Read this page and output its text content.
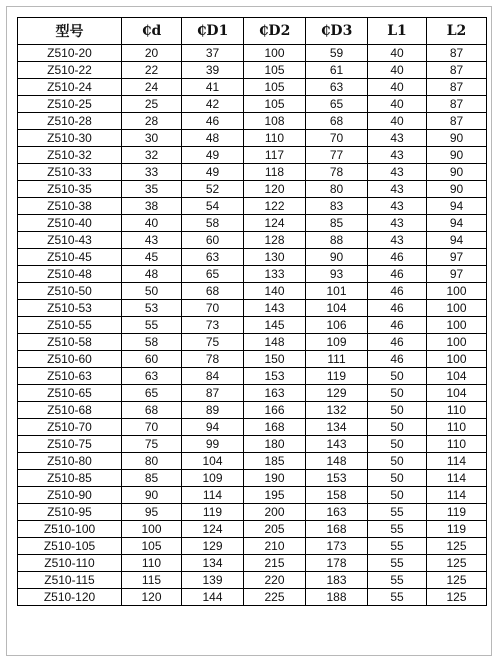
型号	₵d	₵D1	₵D2	₵D3	L1	L2
Z510-20	20	37	100	59	40	87
Z510-22	22	39	105	61	40	87
Z510-24	24	41	105	63	40	87
Z510-25	25	42	105	65	40	87
Z510-28	28	46	108	68	40	87
Z510-30	30	48	110	70	43	90
Z510-32	32	49	117	77	43	90
Z510-33	33	49	118	78	43	90
Z510-35	35	52	120	80	43	90
Z510-38	38	54	122	83	43	94
Z510-40	40	58	124	85	43	94
Z510-43	43	60	128	88	43	94
Z510-45	45	63	130	90	46	97
Z510-48	48	65	133	93	46	97
Z510-50	50	68	140	101	46	100
Z510-53	53	70	143	104	46	100
Z510-55	55	73	145	106	46	100
Z510-58	58	75	148	109	46	100
Z510-60	60	78	150	111	46	100
Z510-63	63	84	153	119	50	104
Z510-65	65	87	163	129	50	104
Z510-68	68	89	166	132	50	110
Z510-70	70	94	168	134	50	110
Z510-75	75	99	180	143	50	110
Z510-80	80	104	185	148	50	114
Z510-85	85	109	190	153	50	114
Z510-90	90	114	195	158	50	114
Z510-95	95	119	200	163	55	119
Z510-100	100	124	205	168	55	119
Z510-105	105	129	210	173	55	125
Z510-110	110	134	215	178	55	125
Z510-115	115	139	220	183	55	125
Z510-120	120	144	225	188	55	125
